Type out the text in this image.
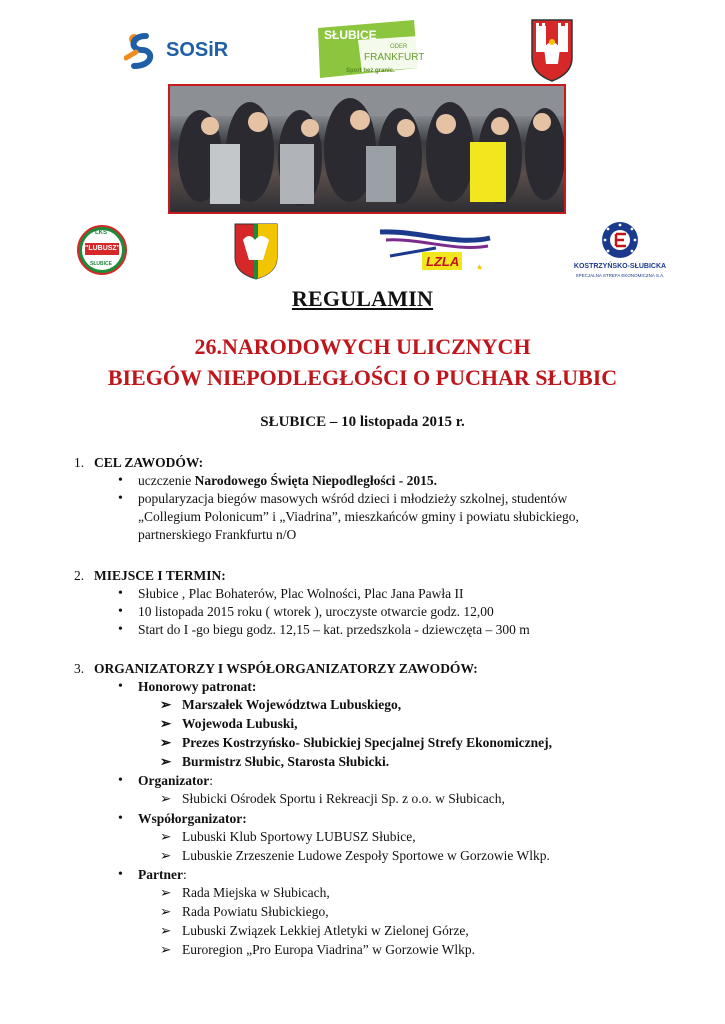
SOSiR
SŁUBICE
ODER
FRANKFURT
Sport bez granic.
LKS
"LUBUSZ"
SŁUBICE	★
LZLA	KOSTRZYŃSKO-SŁUBICKA
SPECJALNA STREFA EKONOMICZNA S.A.
REGULAMIN
26.NARODOWYCH ULICZNYCH
BIEGÓW NIEPODLEGŁOŚCI O PUCHAR SŁUBIC
SŁUBICE – 10 listopada 2015 r.
1. CEL ZAWODÓW:
• uczczenie Narodowego Święta Niepodległości - 2015.
• popularyzacja biegów masowych wśród dzieci i młodzieży szkolnej, studentów
„Collegium Polonicum” i „Viadrina”, mieszkańców gminy i powiatu słubickiego,
partnerskiego Frankfurtu n/O
2. MIEJSCE I TERMIN:
• Słubice , Plac Bohaterów, Plac Wolności, Plac Jana Pawła II
• 10 listopada 2015 roku ( wtorek ), uroczyste otwarcie godz. 12,00
• Start do I -go biegu godz. 12,15 – kat. przedszkola - dziewczęta – 300 m
3. ORGANIZATORZY I WSPÓŁORGANIZATORZY ZAWODÓW:
• Honorowy patronat:
➢ Marszałek Województwa Lubuskiego,
➢ Wojewoda Lubuski,
➢ Prezes Kostrzyńsko- Słubickiej Specjalnej Strefy Ekonomicznej,
➢ Burmistrz Słubic, Starosta Słubicki.
• Organizator:
➢ Słubicki Ośrodek Sportu i Rekreacji Sp. z o.o. w Słubicach,
• Współorganizator:
➢ Lubuski Klub Sportowy LUBUSZ Słubice,
➢ Lubuskie Zrzeszenie Ludowe Zespoły Sportowe w Gorzowie Wlkp.
• Partner:
➢ Rada Miejska w Słubicach,
➢ Rada Powiatu Słubickiego,
➢ Lubuski Związek Lekkiej Atletyki w Zielonej Górze,
➢ Euroregion „Pro Europa Viadrina” w Gorzowie Wlkp.
